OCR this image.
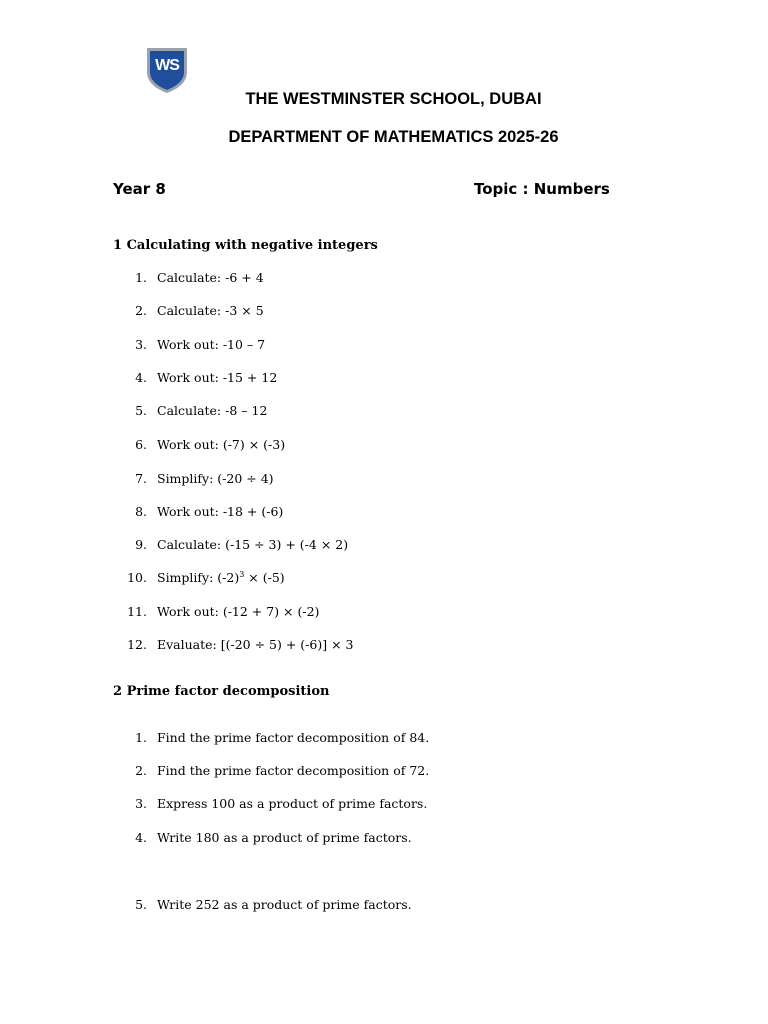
WS
THE WESTMINSTER SCHOOL, DUBAI
DEPARTMENT OF MATHEMATICS 2025-26
Year 8	Topic : Numbers
1 Calculating with negative integers
1. Calculate: -6 + 4
2. Calculate: -3 × 5
3. Work out: -10 – 7
4. Work out: -15 + 12
5. Calculate: -8 – 12
6. Work out: (-7) × (-3)
7. Simplify: (-20 ÷ 4)
8. Work out: -18 + (-6)
9. Calculate: (-15 ÷ 3) + (-4 × 2)
10. Simplify: $(-2)^3 \times (-5)$
11. Work out: (-12 + 7) × (-2)
12. Evaluate: [(-20 ÷ 5) + (-6)] × 3
2 Prime factor decomposition
1. Find the prime factor decomposition of 84.
2. Find the prime factor decomposition of 72.
3. Express 100 as a product of prime factors.
4. Write 180 as a product of prime factors.
5. Write 252 as a product of prime factors.
